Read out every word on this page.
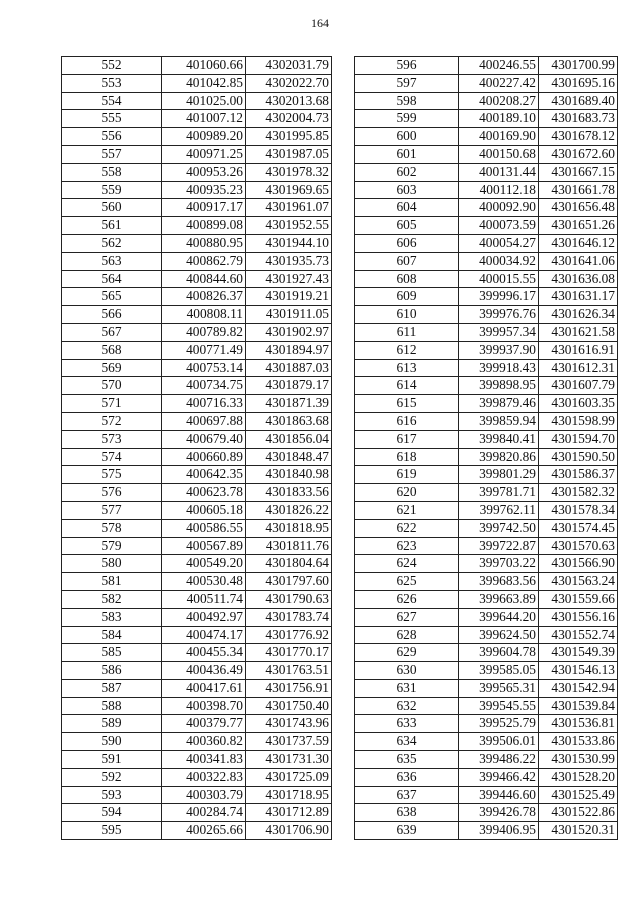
164
552	401060.66	4302031.79
553	401042.85	4302022.70
554	401025.00	4302013.68
555	401007.12	4302004.73
556	400989.20	4301995.85
557	400971.25	4301987.05
558	400953.26	4301978.32
559	400935.23	4301969.65
560	400917.17	4301961.07
561	400899.08	4301952.55
562	400880.95	4301944.10
563	400862.79	4301935.73
564	400844.60	4301927.43
565	400826.37	4301919.21
566	400808.11	4301911.05
567	400789.82	4301902.97
568	400771.49	4301894.97
569	400753.14	4301887.03
570	400734.75	4301879.17
571	400716.33	4301871.39
572	400697.88	4301863.68
573	400679.40	4301856.04
574	400660.89	4301848.47
575	400642.35	4301840.98
576	400623.78	4301833.56
577	400605.18	4301826.22
578	400586.55	4301818.95
579	400567.89	4301811.76
580	400549.20	4301804.64
581	400530.48	4301797.60
582	400511.74	4301790.63
583	400492.97	4301783.74
584	400474.17	4301776.92
585	400455.34	4301770.17
586	400436.49	4301763.51
587	400417.61	4301756.91
588	400398.70	4301750.40
589	400379.77	4301743.96
590	400360.82	4301737.59
591	400341.83	4301731.30
592	400322.83	4301725.09
593	400303.79	4301718.95
594	400284.74	4301712.89
595	400265.66	4301706.90
596	400246.55	4301700.99
597	400227.42	4301695.16
598	400208.27	4301689.40
599	400189.10	4301683.73
600	400169.90	4301678.12
601	400150.68	4301672.60
602	400131.44	4301667.15
603	400112.18	4301661.78
604	400092.90	4301656.48
605	400073.59	4301651.26
606	400054.27	4301646.12
607	400034.92	4301641.06
608	400015.55	4301636.08
609	399996.17	4301631.17
610	399976.76	4301626.34
611	399957.34	4301621.58
612	399937.90	4301616.91
613	399918.43	4301612.31
614	399898.95	4301607.79
615	399879.46	4301603.35
616	399859.94	4301598.99
617	399840.41	4301594.70
618	399820.86	4301590.50
619	399801.29	4301586.37
620	399781.71	4301582.32
621	399762.11	4301578.34
622	399742.50	4301574.45
623	399722.87	4301570.63
624	399703.22	4301566.90
625	399683.56	4301563.24
626	399663.89	4301559.66
627	399644.20	4301556.16
628	399624.50	4301552.74
629	399604.78	4301549.39
630	399585.05	4301546.13
631	399565.31	4301542.94
632	399545.55	4301539.84
633	399525.79	4301536.81
634	399506.01	4301533.86
635	399486.22	4301530.99
636	399466.42	4301528.20
637	399446.60	4301525.49
638	399426.78	4301522.86
639	399406.95	4301520.31
